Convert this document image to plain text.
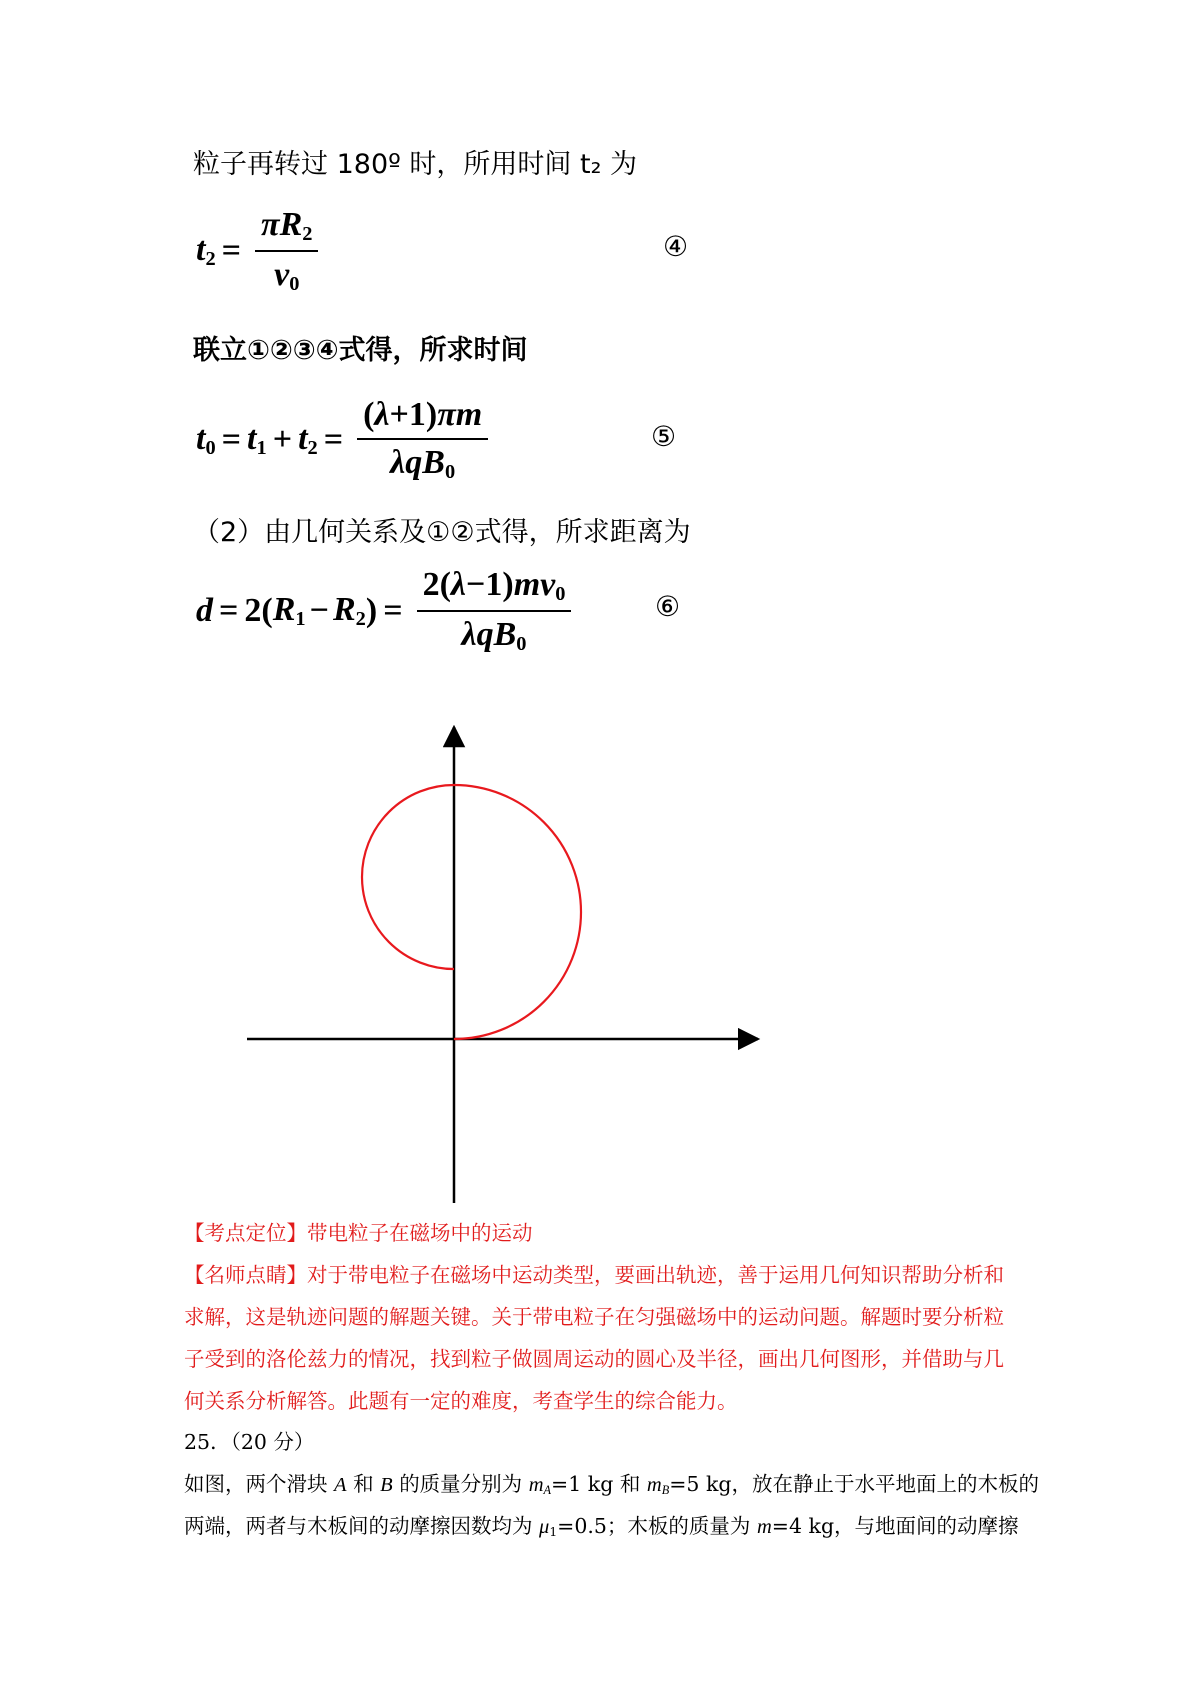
粒子再转过 180º 时，所用时间 t₂ 为
$t_2 = \frac{\pi R_2}{v_0}$	④
联立①②③④式得，所求时间
$t_0 = t_1 + t_2 = \frac{(\lambda+1)\pi m}{\lambda qB_0}$	⑤
（2）由几何关系及①②式得，所求距离为
d = 2( $R_1 - R_2$ ) = $\frac{2(\lambda-1)mv_0}{\lambda qB_0}$	⑥
【考点定位】带电粒子在磁场中的运动
【名师点睛】对于带电粒子在磁场中运动类型，要画出轨迹，善于运用几何知识帮助分析和
求解，这是轨迹问题的解题关键。关于带电粒子在匀强磁场中的运动问题。解题时要分析粒
子受到的洛伦兹力的情况，找到粒子做圆周运动的圆心及半径，画出几何图形，并借助与几
何关系分析解答。此题有一定的难度，考查学生的综合能力。
25．（20 分）
如图，两个滑块 A 和 B 的质量分别为 $m_A=1$ kg 和 $m_B=5$ kg，放在静止于水平地面上的木板的
两端，两者与木板间的动摩擦因数均为 $\mu_1=0.5$；木板的质量为 m=4 kg，与地面间的动摩擦
